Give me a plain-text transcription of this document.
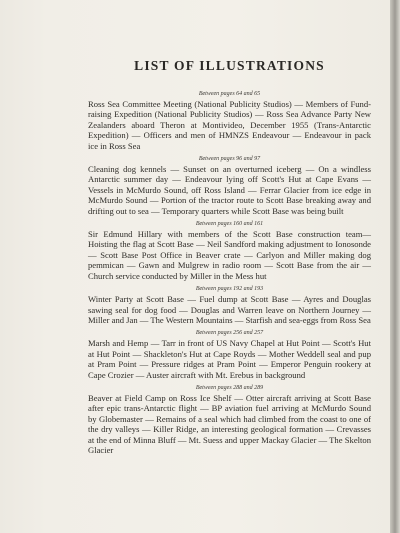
LIST OF ILLUSTRATIONS

Between pages 64 and 65

Ross Sea Committee Meeting (National Publicity Studios) — Members of Fund-raising Expedition (National Publicity Studios) — Ross Sea Advance Party New Zealanders aboard Theron at Montivideo, December 1955 (Trans-Antarctic Expedition) — Officers and men of HMNZS Endeavour — Endeavour in pack ice in Ross Sea

Between pages 96 and 97

Cleaning dog kennels — Sunset on an overturned iceberg — On a windless Antarctic summer day — Endeavour lying off Scott's Hut at Cape Evans — Vessels in McMurdo Sound, off Ross Island — Ferrar Glacier from ice edge in McMurdo Sound — Portion of the tractor route to Scott Base breaking away and drifting out to sea — Temporary quarters while Scott Base was being built

Between pages 160 and 161

Sir Edmund Hillary with members of the Scott Base construction team— Hoisting the flag at Scott Base — Neil Sandford making adjustment to Ionosonde — Scott Base Post Office in Beaver crate — Carlyon and Miller making dog pemmican — Gawn and Mulgrew in radio room — Scott Base from the air — Church service conducted by Miller in the Mess hut

Between pages 192 and 193

Winter Party at Scott Base — Fuel dump at Scott Base — Ayres and Douglas sawing seal for dog food — Douglas and Warren leave on Northern Journey — Miller and Jan — The Western Mountains — Starfish and sea-eggs from Ross Sea

Between pages 256 and 257

Marsh and Hemp — Tarr in front of US Navy Chapel at Hut Point — Scott's Hut at Hut Point — Shackleton's Hut at Cape Royds — Mother Weddell seal and pup at Pram Point — Pressure ridges at Pram Point — Emperor Penguin rookery at Cape Crozier — Auster aircraft with Mt. Erebus in background

Between pages 288 and 289

Beaver at Field Camp on Ross Ice Shelf — Otter aircraft arriving at Scott Base after epic trans-Antarctic flight — BP aviation fuel arriving at McMurdo Sound by Globemaster — Remains of a seal which had climbed from the coast to one of the dry valleys — Killer Ridge, an interesting geological formation — Crevasses at the end of Minna Bluff — Mt. Suess and upper Mackay Glacier — The Skelton Glacier
